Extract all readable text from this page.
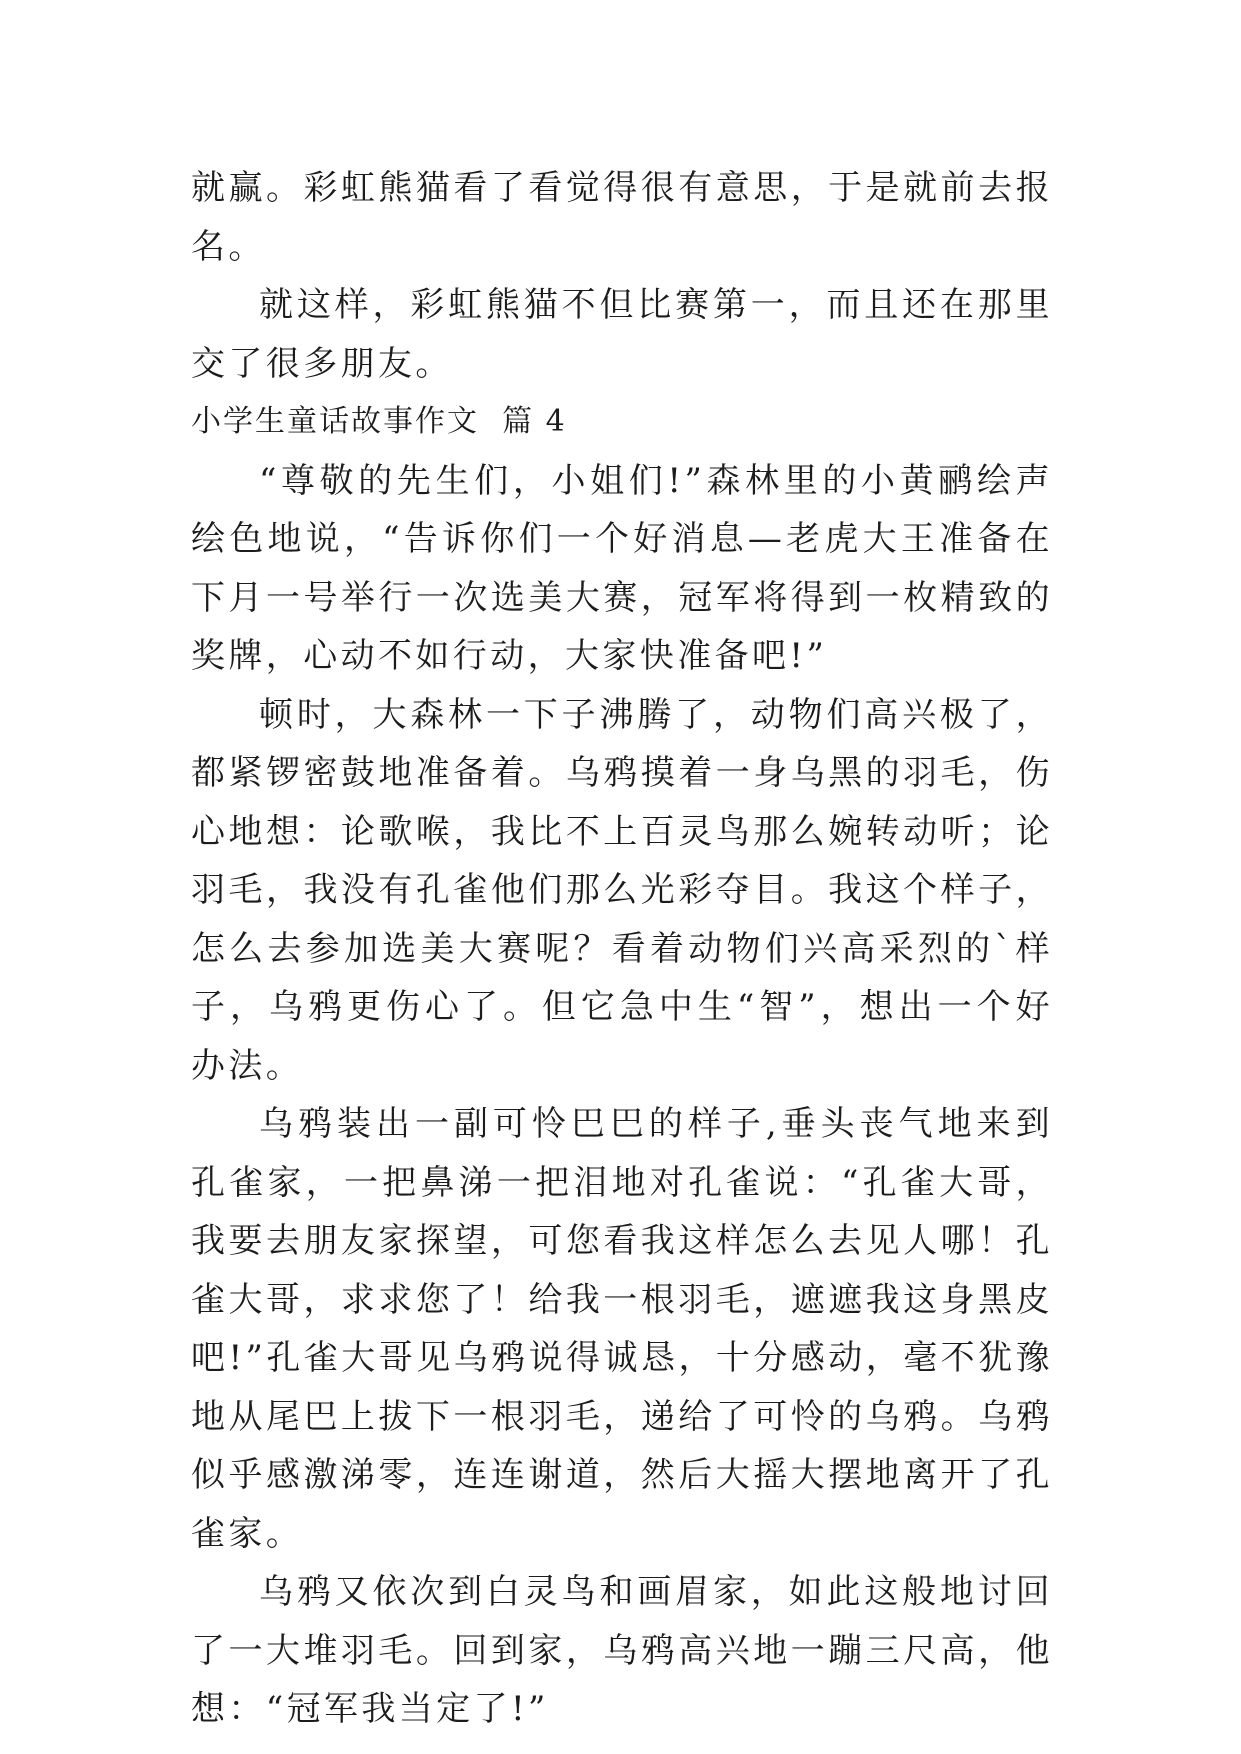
就赢。彩虹熊猫看了看觉得很有意思，于是就前去报名。

就这样，彩虹熊猫不但比赛第一，而且还在那里交了很多朋友。

小学生童话故事作文  篇 4

“尊敬的先生们，小姐们!”森林里的小黄鹂绘声绘色地说，“告诉你们一个好消息—老虎大王准备在下月一号举行一次选美大赛，冠军将得到一枚精致的奖牌，心动不如行动，大家快准备吧!”

顿时，大森林一下子沸腾了，动物们高兴极了，都紧锣密鼓地准备着。乌鸦摸着一身乌黑的羽毛，伤心地想：论歌喉，我比不上百灵鸟那么婉转动听；论羽毛，我没有孔雀他们那么光彩夺目。我这个样子，怎么去参加选美大赛呢？看着动物们兴高采烈的`样子，乌鸦更伤心了。但它急中生“智”，想出一个好办法。

乌鸦装出一副可怜巴巴的样子,垂头丧气地来到孔雀家，一把鼻涕一把泪地对孔雀说：“孔雀大哥，我要去朋友家探望，可您看我这样怎么去见人哪！孔雀大哥，求求您了！给我一根羽毛，遮遮我这身黑皮吧!”孔雀大哥见乌鸦说得诚恳，十分感动，毫不犹豫地从尾巴上拔下一根羽毛，递给了可怜的乌鸦。乌鸦似乎感激涕零，连连谢道，然后大摇大摆地离开了孔雀家。

乌鸦又依次到白灵鸟和画眉家，如此这般地讨回了一大堆羽毛。回到家，乌鸦高兴地一蹦三尺高，他想：“冠军我当定了!”
